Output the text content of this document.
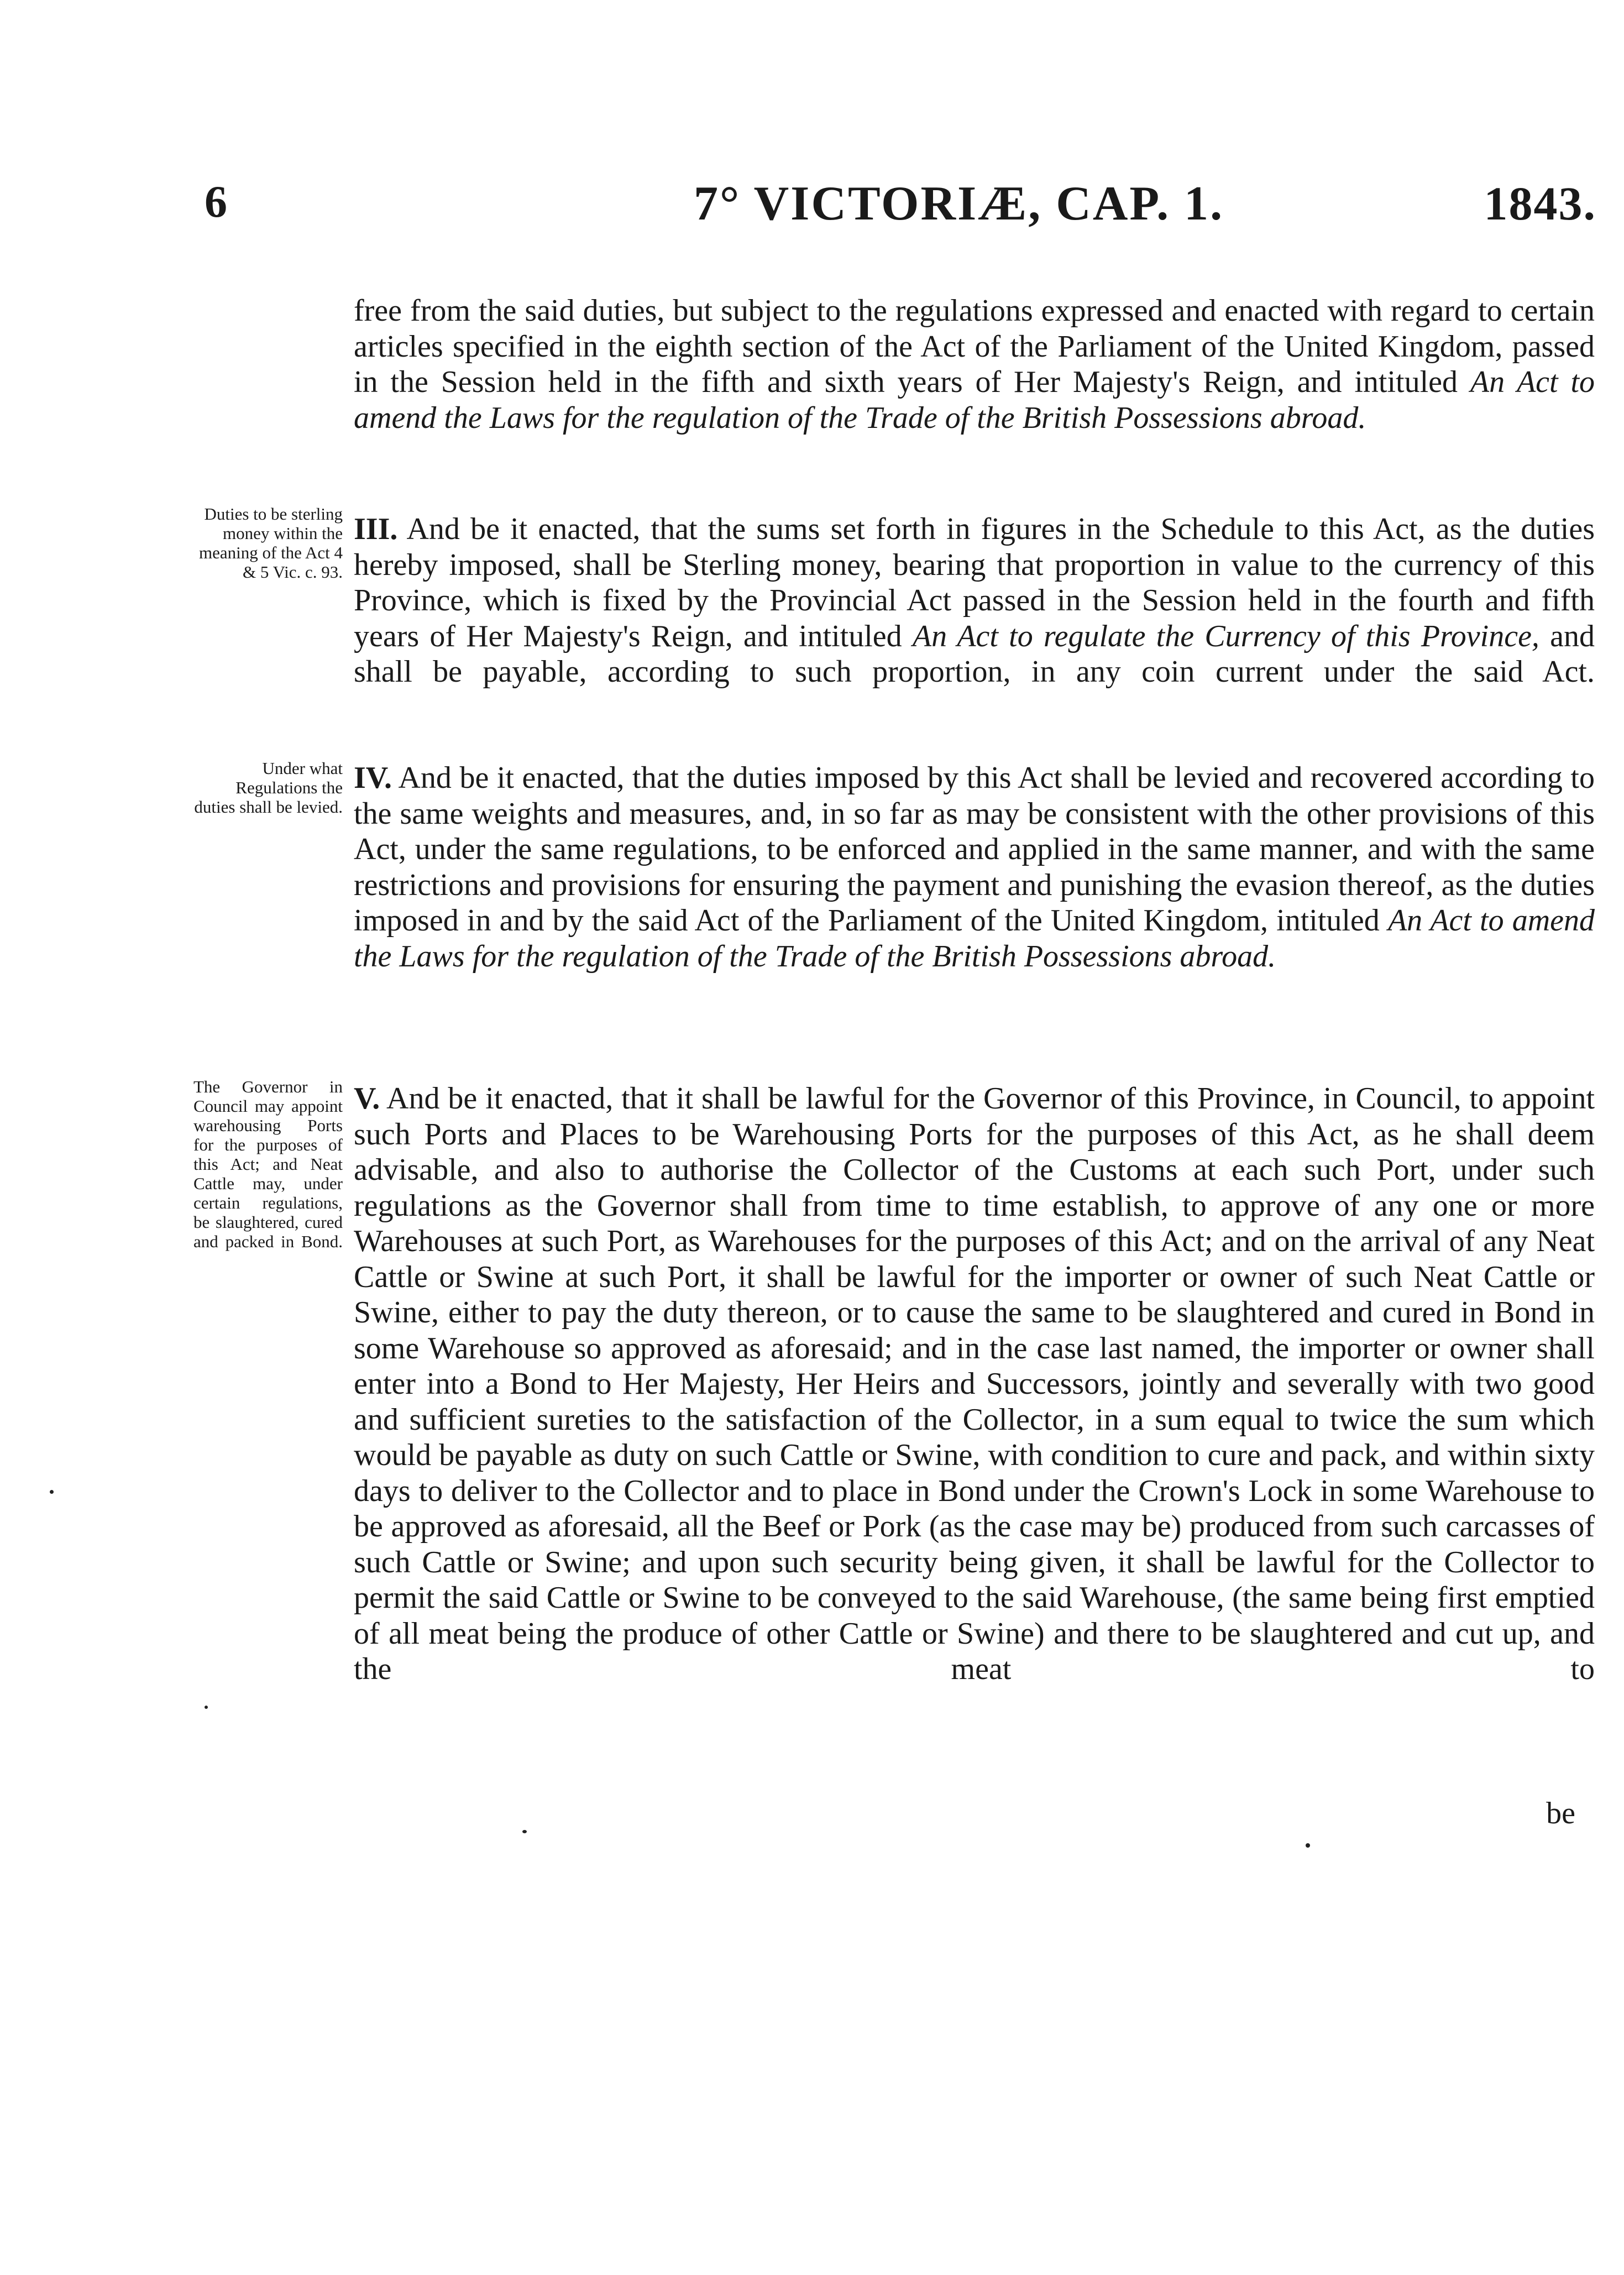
6	7° VICTORIÆ, CAP. 1.	1843.

free from the said duties, but subject to the regulations expressed and enacted with regard to certain articles specified in the eighth section of the Act of the Parliament of the United Kingdom, passed in the Session held in the fifth and sixth years of Her Majesty's Reign, and intituled An Act to amend the Laws for the regulation of the Trade of the British Possessions abroad.

Duties to be sterling money within the meaning of the Act 4 & 5 Vic. c. 93.

III. And be it enacted, that the sums set forth in figures in the Schedule to this Act, as the duties hereby imposed, shall be Sterling money, bearing that proportion in value to the currency of this Province, which is fixed by the Provincial Act passed in the Session held in the fourth and fifth years of Her Majesty's Reign, and intituled An Act to regulate the Currency of this Province, and shall be payable, according to such proportion, in any coin current under the said Act.

Under what Regulations the duties shall be levied.

IV. And be it enacted, that the duties imposed by this Act shall be levied and recovered according to the same weights and measures, and, in so far as may be consistent with the other provisions of this Act, under the same regulations, to be enforced and applied in the same manner, and with the same restrictions and provisions for ensuring the payment and punishing the evasion thereof, as the duties imposed in and by the said Act of the Parliament of the United Kingdom, intituled An Act to amend the Laws for the regulation of the Trade of the British Possessions abroad.

The Governor in Council may appoint warehousing Ports for the purposes of this Act; and Neat Cattle may, under certain regulations, be slaughtered, cured and packed in Bond.

V. And be it enacted, that it shall be lawful for the Governor of this Province, in Council, to appoint such Ports and Places to be Warehousing Ports for the purposes of this Act, as he shall deem advisable, and also to authorise the Collector of the Customs at each such Port, under such regulations as the Governor shall from time to time establish, to approve of any one or more Warehouses at such Port, as Warehouses for the purposes of this Act; and on the arrival of any Neat Cattle or Swine at such Port, it shall be lawful for the importer or owner of such Neat Cattle or Swine, either to pay the duty thereon, or to cause the same to be slaughtered and cured in Bond in some Warehouse so approved as aforesaid; and in the case last named, the importer or owner shall enter into a Bond to Her Majesty, Her Heirs and Successors, jointly and severally with two good and sufficient sureties to the satisfaction of the Collector, in a sum equal to twice the sum which would be payable as duty on such Cattle or Swine, with condition to cure and pack, and within sixty days to deliver to the Collector and to place in Bond under the Crown's Lock in some Warehouse to be approved as aforesaid, all the Beef or Pork (as the case may be) produced from such carcasses of such Cattle or Swine; and upon such security being given, it shall be lawful for the Collector to permit the said Cattle or Swine to be conveyed to the said Warehouse, (the same being first emptied of all meat being the produce of other Cattle or Swine) and there to be slaughtered and cut up, and the meat to

be
